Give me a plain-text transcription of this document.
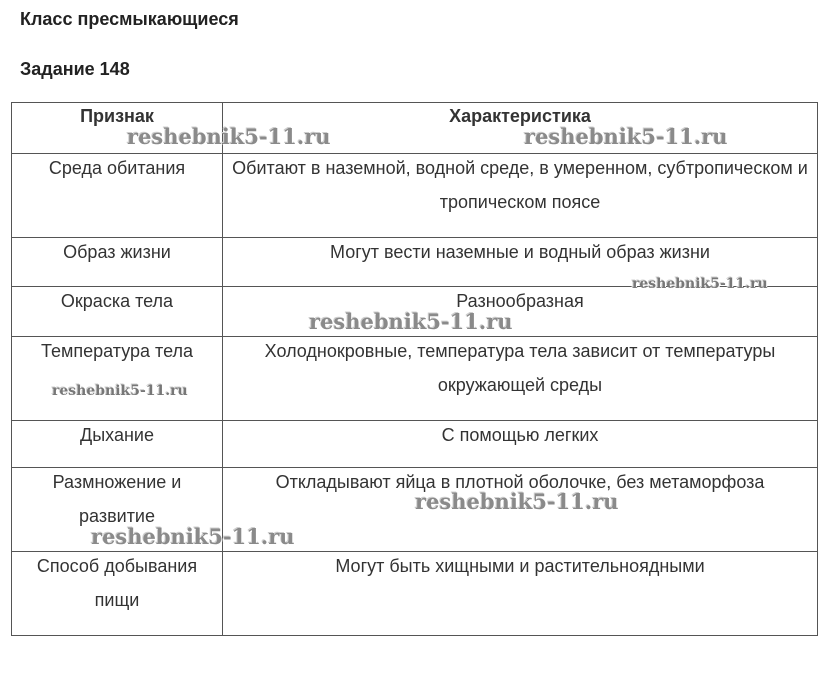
Класс пресмыкающиеся
Задание 148
Признак	Характеристика

Среда обитания	Обитают в наземной, водной среде, в умеренном, субтропическом и тропическом поясе

Образ жизни	Могут вести наземные и водный образ жизни

Окраска тела	Разнообразная

Температура тела	Холоднокровные, температура тела зависит от температуры окружающей среды

Дыхание	С помощью легких

Размножение и развитие	Откладывают яйца в плотной оболочке, без метаморфоза

Способ добывания пищи	Могут быть хищными и растительноядными
reshebnik5-11.ru	reshebnik5-11.ru
reshebnik5-11.ru
reshebnik5-11.ru
reshebnik5-11.ru
reshebnik5-11.ru
reshebnik5-11.ru
